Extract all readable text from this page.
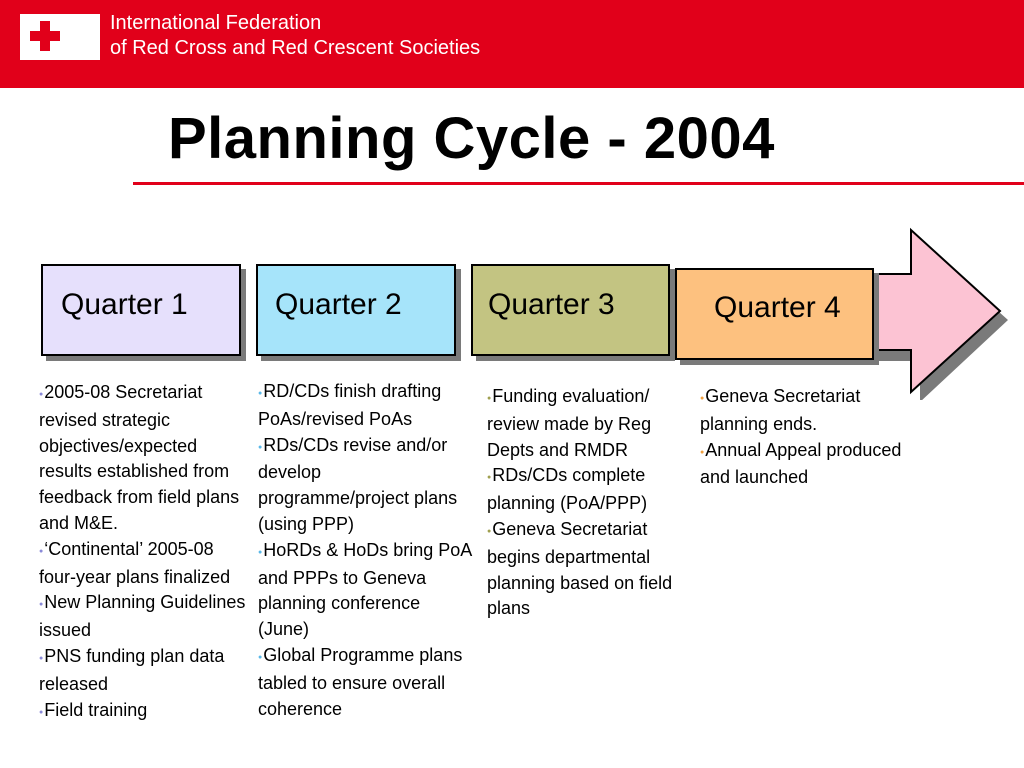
International Federation
of Red Cross and Red Crescent Societies
Planning Cycle - 2004
Quarter 1	Quarter 2	Quarter 3	Quarter 4
● 2005-08 Secretariat revised strategic objectives/expected results established from feedback from field plans and M&E.
● ‘Continental’ 2005-08 four-year plans finalized
● New Planning Guidelines issued
● PNS funding plan data released
● Field training
● RD/CDs finish drafting PoAs/revised PoAs
● RDs/CDs revise and/or develop programme/project plans (using PPP)
● HoRDs & HoDs bring PoA and PPPs to Geneva planning conference (June)
● Global Programme plans tabled to ensure overall coherence
● Funding evaluation/ review made by Reg Depts and RMDR
● RDs/CDs complete planning (PoA/PPP)
● Geneva Secretariat begins departmental planning based on field plans
● Geneva Secretariat planning ends.
● Annual Appeal produced and launched
